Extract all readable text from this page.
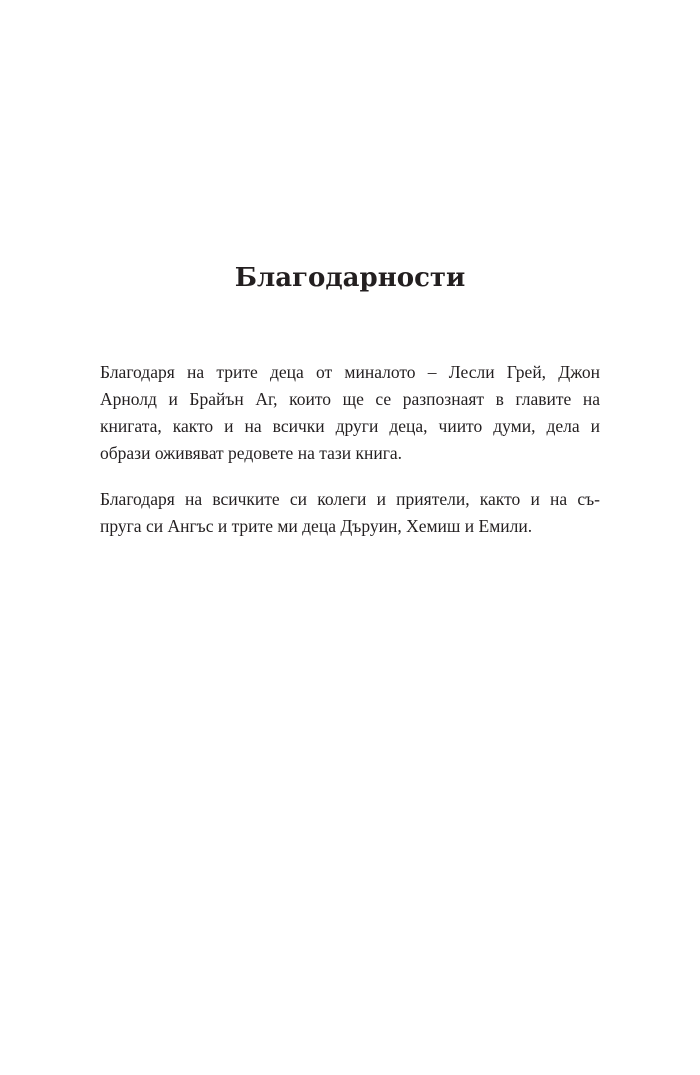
Благодарности
Благодаря на трите деца от миналото – Лесли Грей, Джон
Арнолд и Брайън Аг, които ще се разпознаят в главите на
книгата, както и на всички други деца, чиито думи, дела и
образи оживяват редовете на тази книга.
Благодаря на всичките си колеги и приятели, както и на съ-
пруга си Ангъс и трите ми деца Дъруин, Хемиш и Емили.
